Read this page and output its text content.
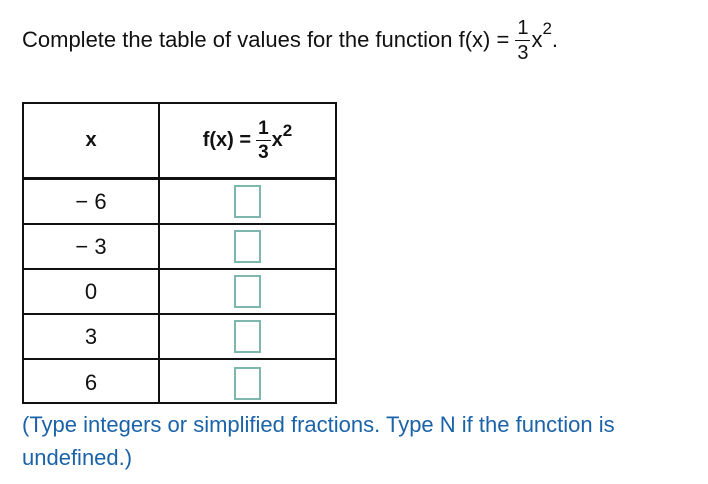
Complete the table of values for the function $f(x) = \frac{1}{3}$ x 2 .
x	$f(x) = \frac{1}{3}$ x 2

− 6	
− 3	
0	
3	
6	
(Type integers or simplified fractions. Type N if the function is undefined.)
